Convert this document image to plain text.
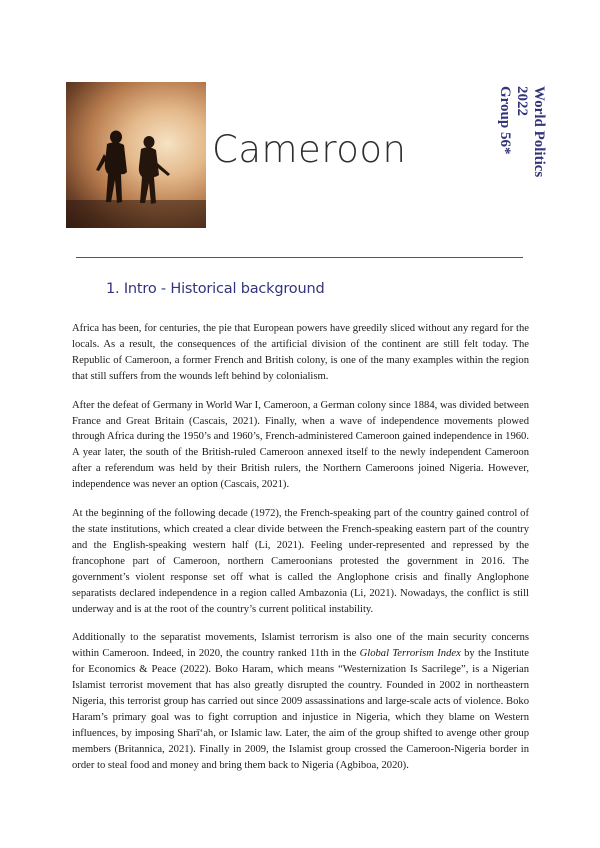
Cameroon	World Politics
2022
Group 56*
1. Intro - Historical background

Africa has been, for centuries, the pie that European powers have greedily sliced without any regard for the locals. As a result, the consequences of the artificial division of the continent are still felt today. The Republic of Cameroon, a former French and British colony, is one of the many examples within the region that still suffers from the wounds left behind by colonialism.

After the defeat of Germany in World War I, Cameroon, a German colony since 1884, was divided between France and Great Britain (Cascais, 2021). Finally, when a wave of independence movements plowed through Africa during the 1950’s and 1960’s, French-administered Cameroon gained independence in 1960. A year later, the south of the British-ruled Cameroon annexed itself to the newly independent Cameroon after a referendum was held by their British rulers, the Northern Cameroons joined Nigeria. However, independence was never an option (Cascais, 2021).

At the beginning of the following decade (1972), the French-speaking part of the country gained control of the state institutions, which created a clear divide between the French-speaking eastern part of the country and the English-speaking western half (Li, 2021). Feeling under-represented and repressed by the francophone part of Cameroon, northern Cameroonians protested the government in 2016. The government’s violent response set off what is called the Anglophone crisis and finally Anglophone separatists declared independence in a region called Ambazonia (Li, 2021). Nowadays, the conflict is still underway and is at the root of the country’s current political instability.

Additionally to the separatist movements, Islamist terrorism is also one of the main security concerns within Cameroon. Indeed, in 2020, the country ranked 11th in the Global Terrorism Index by the Institute for Economics & Peace (2022). Boko Haram, which means “Westernization Is Sacrilege”, is a Nigerian Islamist terrorist movement that has also greatly disrupted the country. Founded in 2002 in northeastern Nigeria, this terrorist group has carried out since 2009 assassinations and large-scale acts of violence. Boko Haram’s primary goal was to fight corruption and injustice in Nigeria, which they blame on Western influences, by imposing Sharī‘ah, or Islamic law. Later, the aim of the group shifted to avenge other group members (Britannica, 2021). Finally in 2009, the Islamist group crossed the Cameroon-Nigeria border in order to steal food and money and bring them back to Nigeria (Agbiboa, 2020).
